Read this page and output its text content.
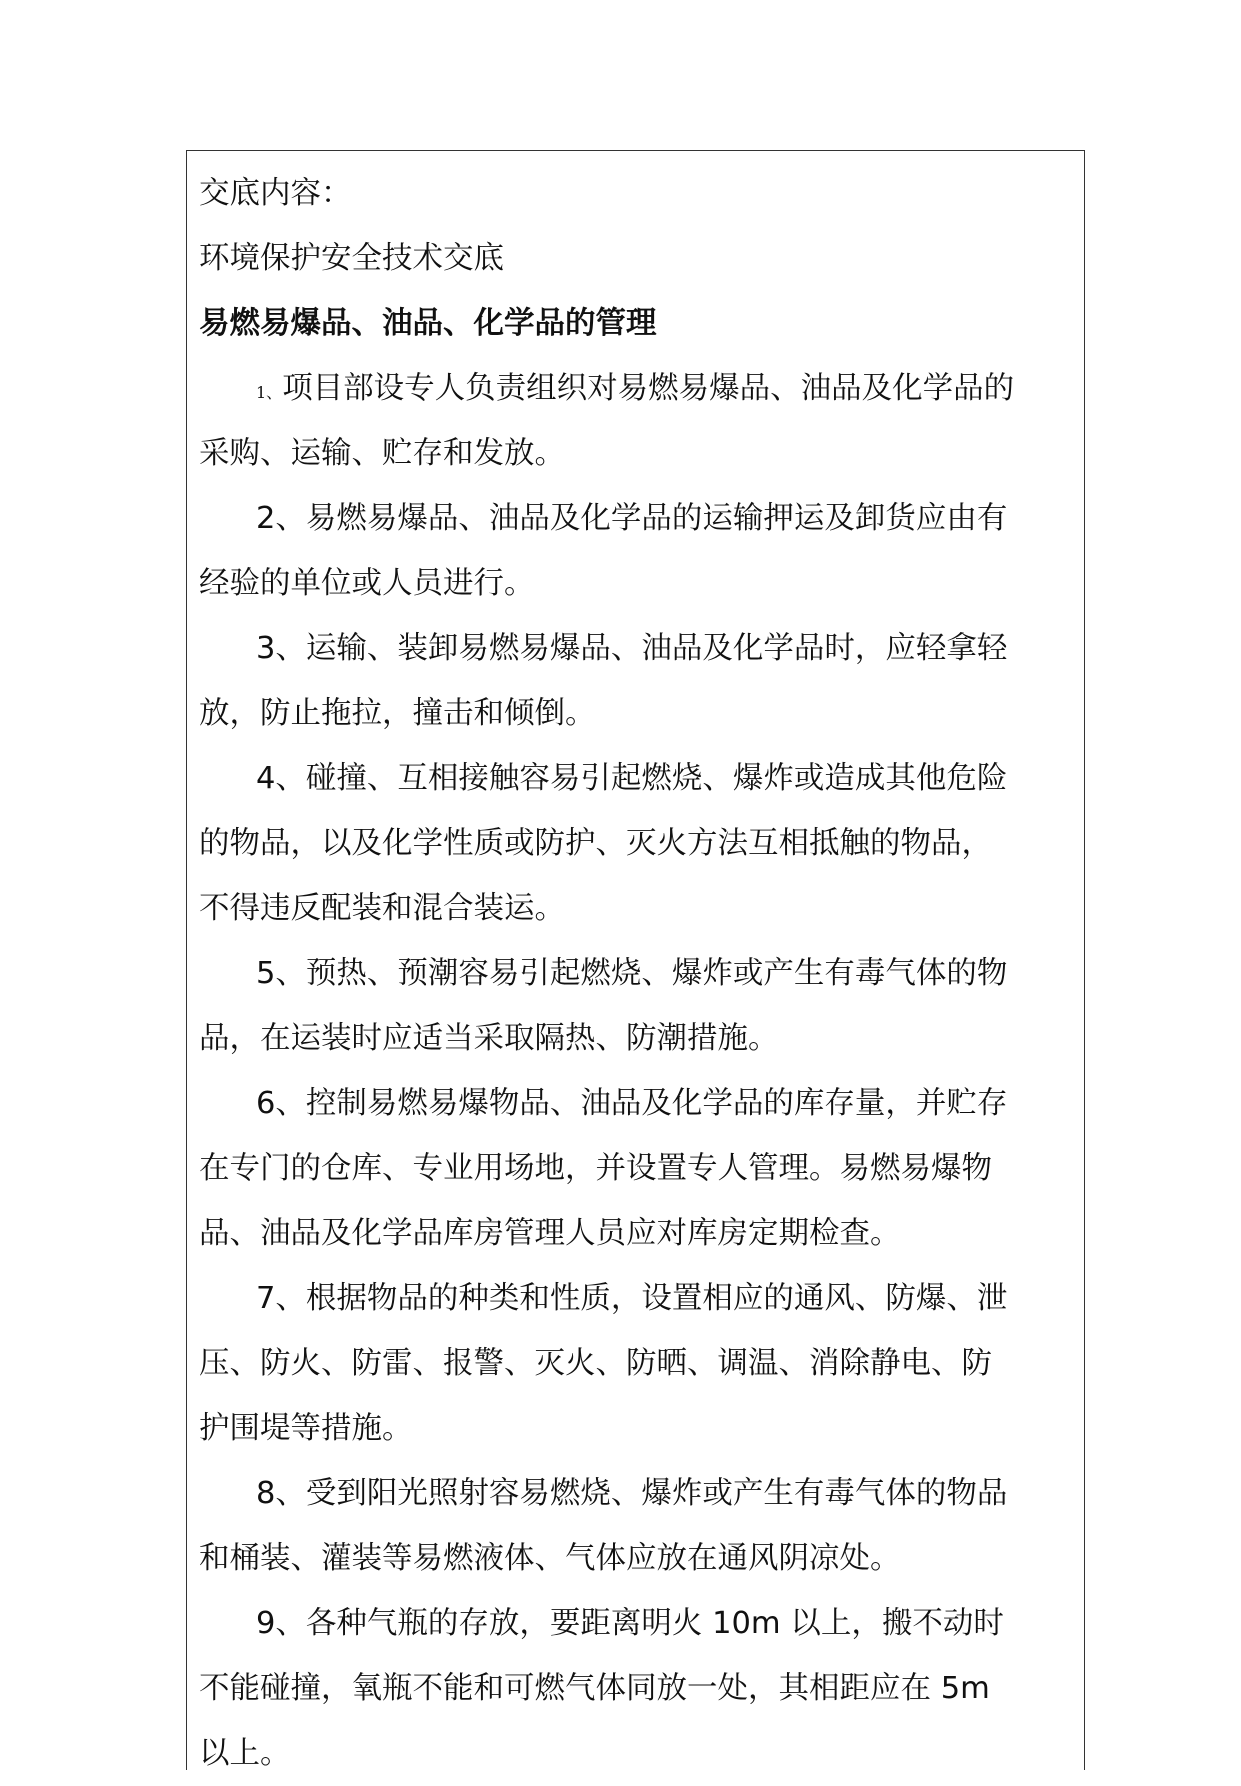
交底内容：
环境保护安全技术交底
易燃易爆品、油品、化学品的管理
1、项目部设专人负责组织对易燃易爆品、油品及化学品的
采购、运输、贮存和发放。
2、易燃易爆品、油品及化学品的运输押运及卸货应由有
经验的单位或人员进行。
3、运输、装卸易燃易爆品、油品及化学品时，应轻拿轻
放，防止拖拉，撞击和倾倒。
4、碰撞、互相接触容易引起燃烧、爆炸或造成其他危险
的物品，以及化学性质或防护、灭火方法互相抵触的物品，
不得违反配装和混合装运。
5、预热、预潮容易引起燃烧、爆炸或产生有毒气体的物
品，在运装时应适当采取隔热、防潮措施。
6、控制易燃易爆物品、油品及化学品的库存量，并贮存
在专门的仓库、专业用场地，并设置专人管理。易燃易爆物
品、油品及化学品库房管理人员应对库房定期检查。
7、根据物品的种类和性质，设置相应的通风、防爆、泄
压、防火、防雷、报警、灭火、防晒、调温、消除静电、防
护围堤等措施。
8、受到阳光照射容易燃烧、爆炸或产生有毒气体的物品
和桶装、灌装等易燃液体、气体应放在通风阴凉处。
9、各种气瓶的存放，要距离明火 10m 以上，搬不动时
不能碰撞，氧瓶不能和可燃气体同放一处，其相距应在 5m
以上。
